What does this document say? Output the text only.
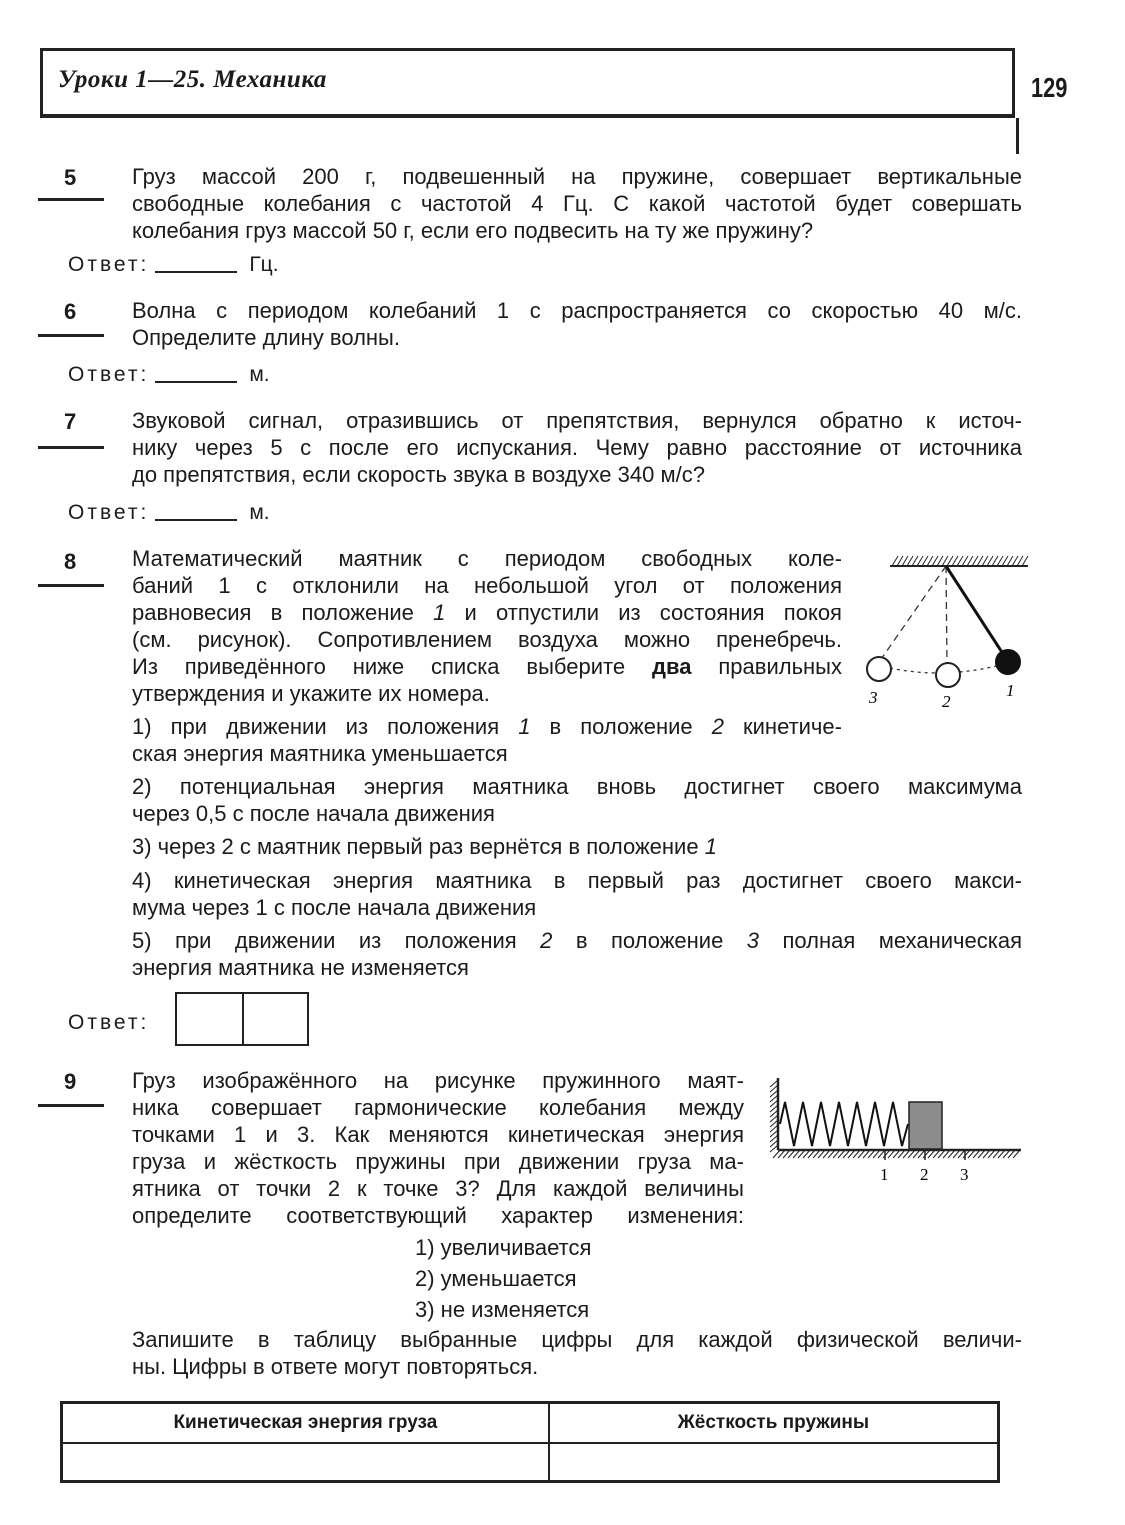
Уроки 1—25. Механика	129
5	Груз массой 200 г, подвешенный на пружине, совершает вертикальные
свободные колебания с частотой 4 Гц. С какой частотой будет совершать
колебания груз массой 50 г, если его подвесить на ту же пружину?
Ответ:	Гц.
6	Волна с периодом колебаний 1 с распространяется со скоростью 40 м/с.
Определите длину волны.
Ответ:	м.
7	Звуковой сигнал, отразившись от препятствия, вернулся обратно к источ-
нику через 5 с после его испускания. Чему равно расстояние от источника
до препятствия, если скорость звука в воздухе 340 м/с?
Ответ:	м.
8	Математический маятник с периодом свободных коле-
баний 1 с отклонили на небольшой угол от положения
равновесия в положение 1 и отпустили из состояния покоя
(см. рисунок). Сопротивлением воздуха можно пренебречь.
Из приведённого ниже списка выберите два правильных
утверждения и укажите их номера.	3	2
1
1) при движении из положения 1 в положение 2 кинетиче-
ская энергия маятника уменьшается
2) потенциальная энергия маятника вновь достигнет своего максимума
через 0,5 с после начала движения
3) через 2 с маятник первый раз вернётся в положение 1
4) кинетическая энергия маятника в первый раз достигнет своего макси-
мума через 1 с после начала движения
5) при движении из положения 2 в положение 3 полная механическая
энергия маятника не изменяется
Ответ:
9	Груз изображённого на рисунке пружинного маят-
ника совершает гармонические колебания между
точками 1 и 3. Как меняются кинетическая энергия
груза и жёсткость пружины при движении груза ма-
ятника от точки 2 к точке 3? Для каждой величины
определите соответствующий характер изменения:
1 2 3
1) увеличивается
2) уменьшается
3) не изменяется
Запишите в таблицу выбранные цифры для каждой физической величи-
ны. Цифры в ответе могут повторяться.
Кинетическая энергия груза	Жёсткость пружины
